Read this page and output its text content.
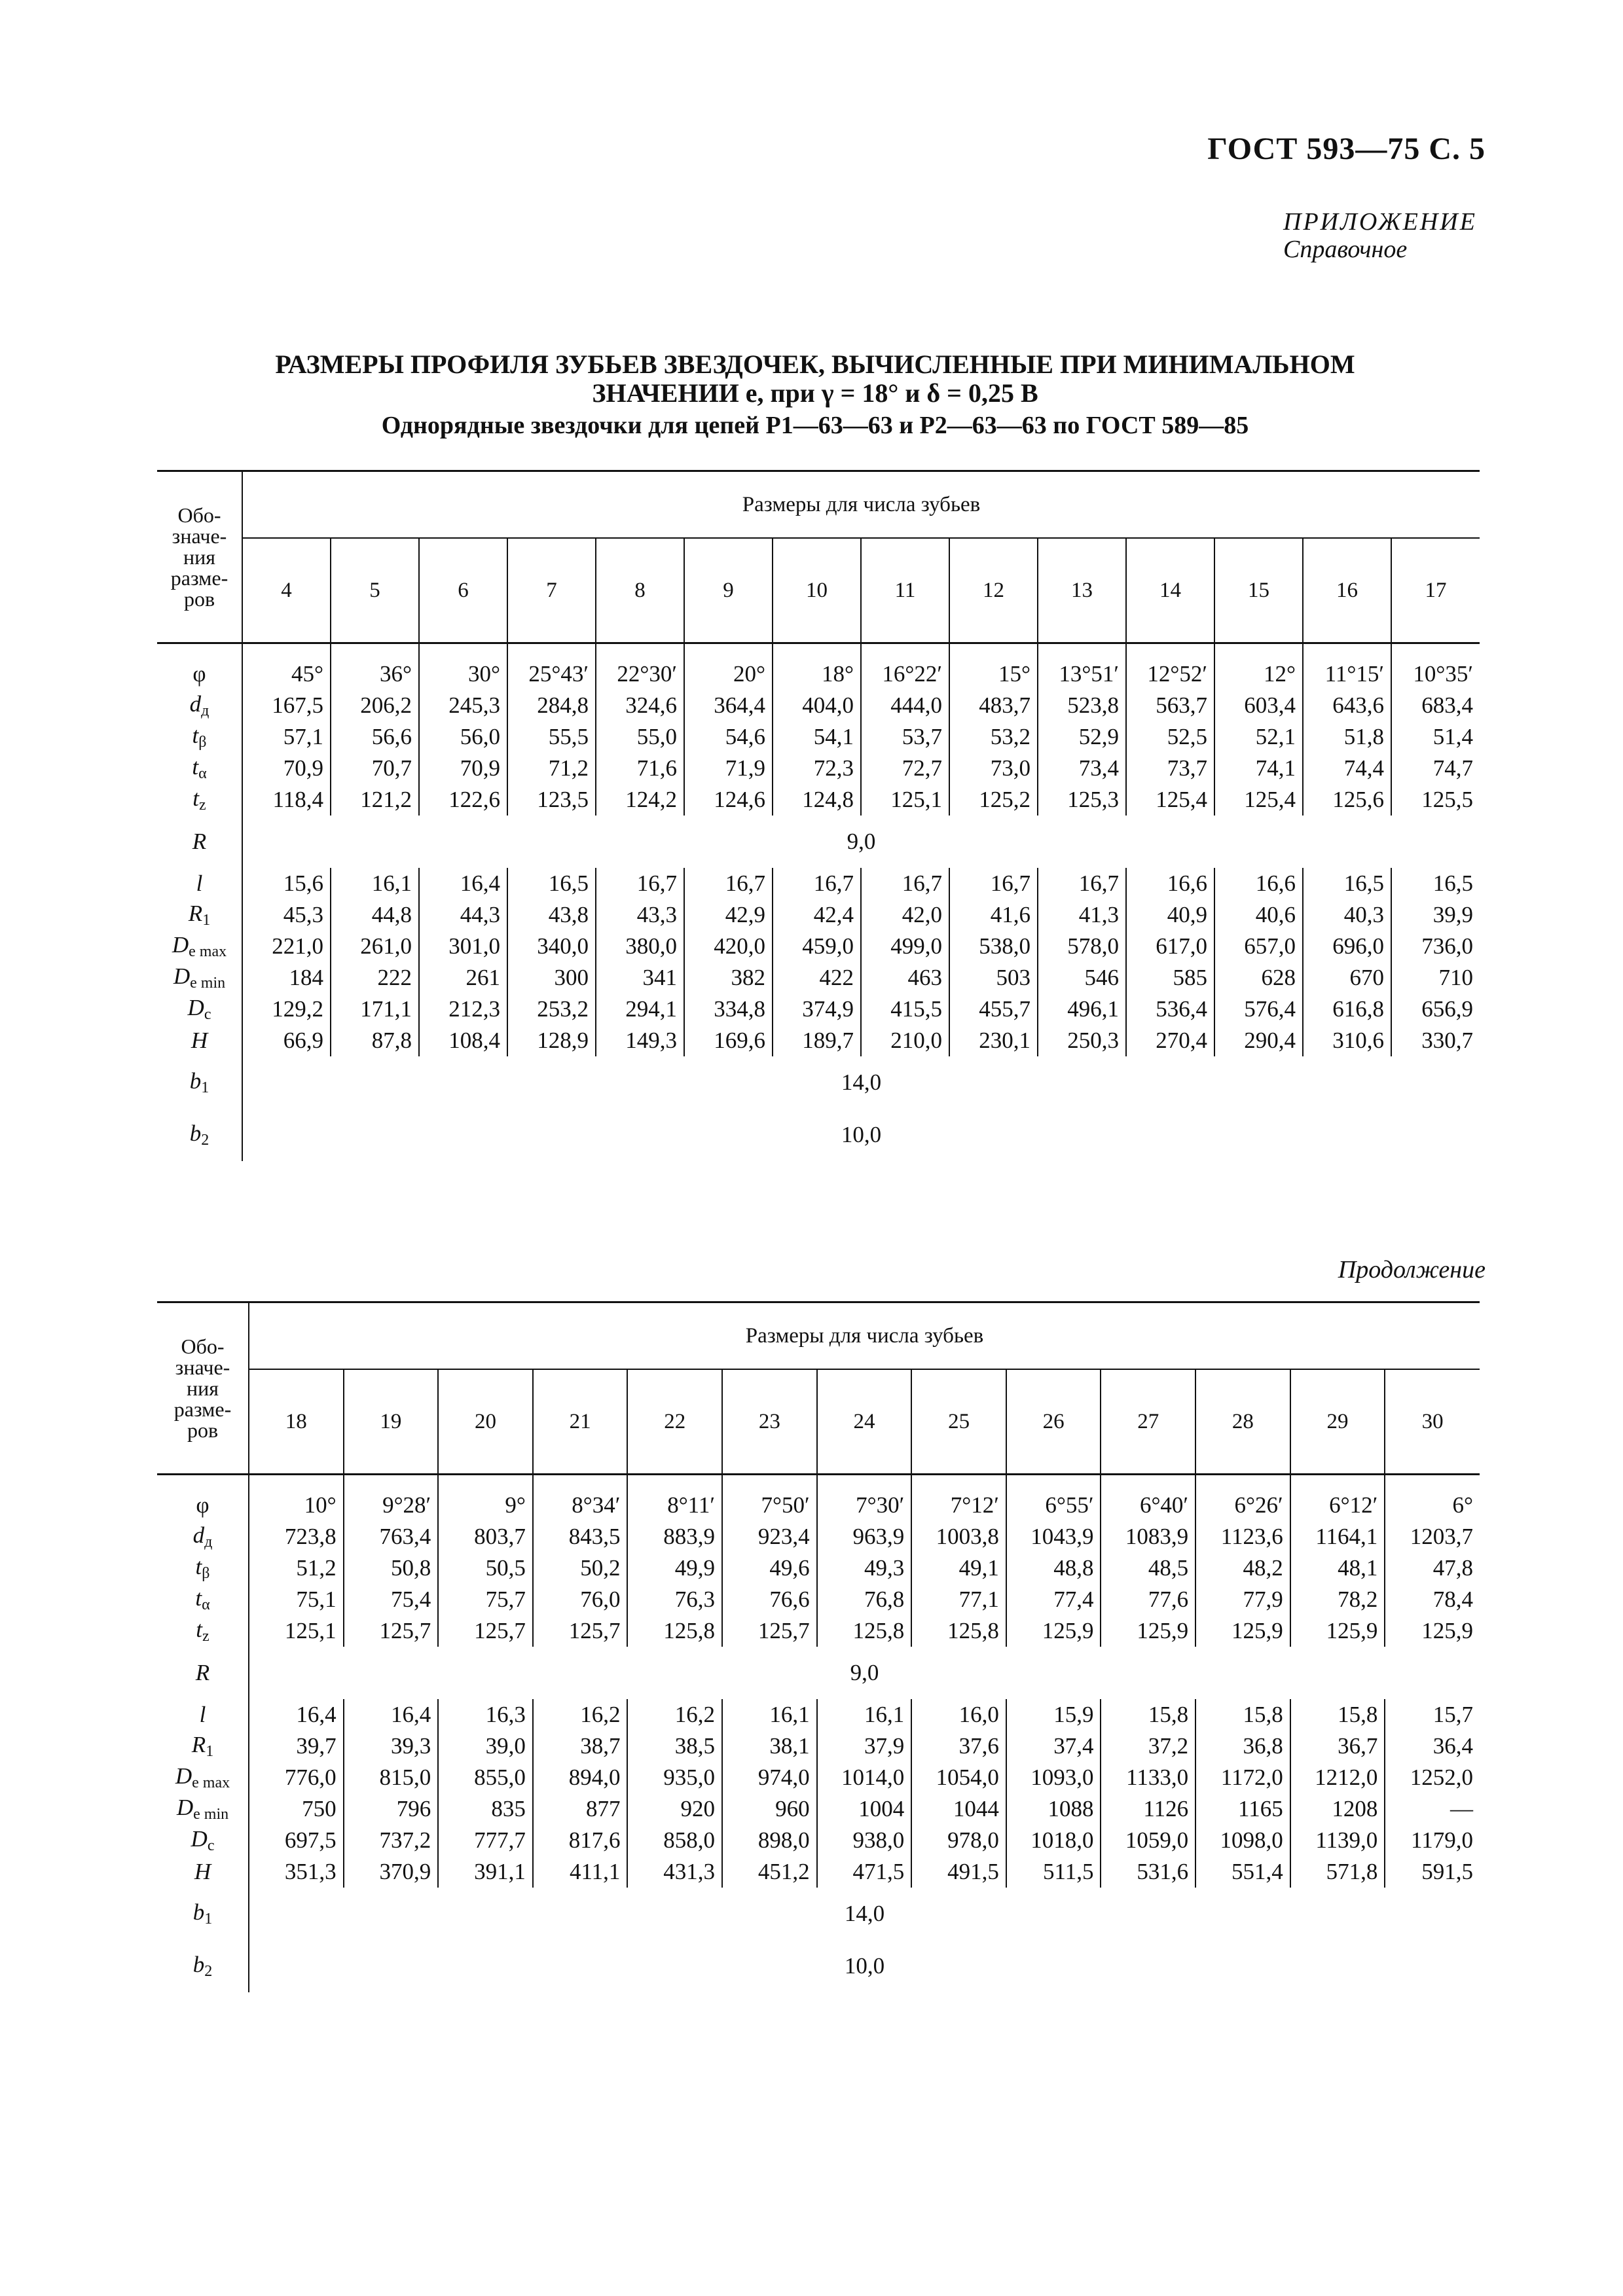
ГОСТ 593—75 С. 5
ПРИЛОЖЕНИЕ
Справочное
РАЗМЕРЫ ПРОФИЛЯ ЗУБЬЕВ ЗВЕЗДОЧЕК, ВЫЧИСЛЕННЫЕ ПРИ МИНИМАЛЬНОМ
ЗНАЧЕНИИ e, при γ = 18° и δ = 0,25 B
Однорядные звездочки для цепей Р1—63—63 и Р2—63—63 по ГОСТ 589—85
Обо-
значе-
ния
разме-
ров	Размеры для числа зубьев													
	4	5	6	7	8	9	10	11	12	13	14	15	16	17

φ	45°	36°	30°	25°43′	22°30′	20°	18°	16°22′	15°	13°51′	12°52′	12°	11°15′	10°35′
$d_д$	167,5	206,2	245,3	284,8	324,6	364,4	404,0	444,0	483,7	523,8	563,7	603,4	643,6	683,4
$t_\beta$	57,1	56,6	56,0	55,5	55,0	54,6	54,1	53,7	53,2	52,9	52,5	52,1	51,8	51,4
$t_\alpha$	70,9	70,7	70,9	71,2	71,6	71,9	72,3	72,7	73,0	73,4	73,7	74,1	74,4	74,7
$t_z$	118,4	121,2	122,6	123,5	124,2	124,6	124,8	125,1	125,2	125,3	125,4	125,4	125,6	125,5
R	9,0													
l	15,6	16,1	16,4	16,5	16,7	16,7	16,7	16,7	16,7	16,7	16,6	16,6	16,5	16,5
$R_1$	45,3	44,8	44,3	43,8	43,3	42,9	42,4	42,0	41,6	41,3	40,9	40,6	40,3	39,9
$D_{e max}$	221,0	261,0	301,0	340,0	380,0	420,0	459,0	499,0	538,0	578,0	617,0	657,0	696,0	736,0
$D_{e min}$	184	222	261	300	341	382	422	463	503	546	585	628	670	710
$D_c$	129,2	171,1	212,3	253,2	294,1	334,8	374,9	415,5	455,7	496,1	536,4	576,4	616,8	656,9
H	66,9	87,8	108,4	128,9	149,3	169,6	189,7	210,0	230,1	250,3	270,4	290,4	310,6	330,7
$b_1$	14,0													
$b_2$	10,0													
Продолжение
Обо-
значе-
ния
разме-
ров	Размеры для числа зубьев												
	18	19	20	21	22	23	24	25	26	27	28	29	30

φ	10°	9°28′	9°	8°34′	8°11′	7°50′	7°30′	7°12′	6°55′	6°40′	6°26′	6°12′	6°
$d_д$	723,8	763,4	803,7	843,5	883,9	923,4	963,9	1003,8	1043,9	1083,9	1123,6	1164,1	1203,7
$t_\beta$	51,2	50,8	50,5	50,2	49,9	49,6	49,3	49,1	48,8	48,5	48,2	48,1	47,8
$t_\alpha$	75,1	75,4	75,7	76,0	76,3	76,6	76,8	77,1	77,4	77,6	77,9	78,2	78,4
$t_z$	125,1	125,7	125,7	125,7	125,8	125,7	125,8	125,8	125,9	125,9	125,9	125,9	125,9
R	9,0												
l	16,4	16,4	16,3	16,2	16,2	16,1	16,1	16,0	15,9	15,8	15,8	15,8	15,7
$R_1$	39,7	39,3	39,0	38,7	38,5	38,1	37,9	37,6	37,4	37,2	36,8	36,7	36,4
$D_{e max}$	776,0	815,0	855,0	894,0	935,0	974,0	1014,0	1054,0	1093,0	1133,0	1172,0	1212,0	1252,0
$D_{e min}$	750	796	835	877	920	960	1004	1044	1088	1126	1165	1208	—
$D_c$	697,5	737,2	777,7	817,6	858,0	898,0	938,0	978,0	1018,0	1059,0	1098,0	1139,0	1179,0
H	351,3	370,9	391,1	411,1	431,3	451,2	471,5	491,5	511,5	531,6	551,4	571,8	591,5
$b_1$	14,0												
$b_2$	10,0												
